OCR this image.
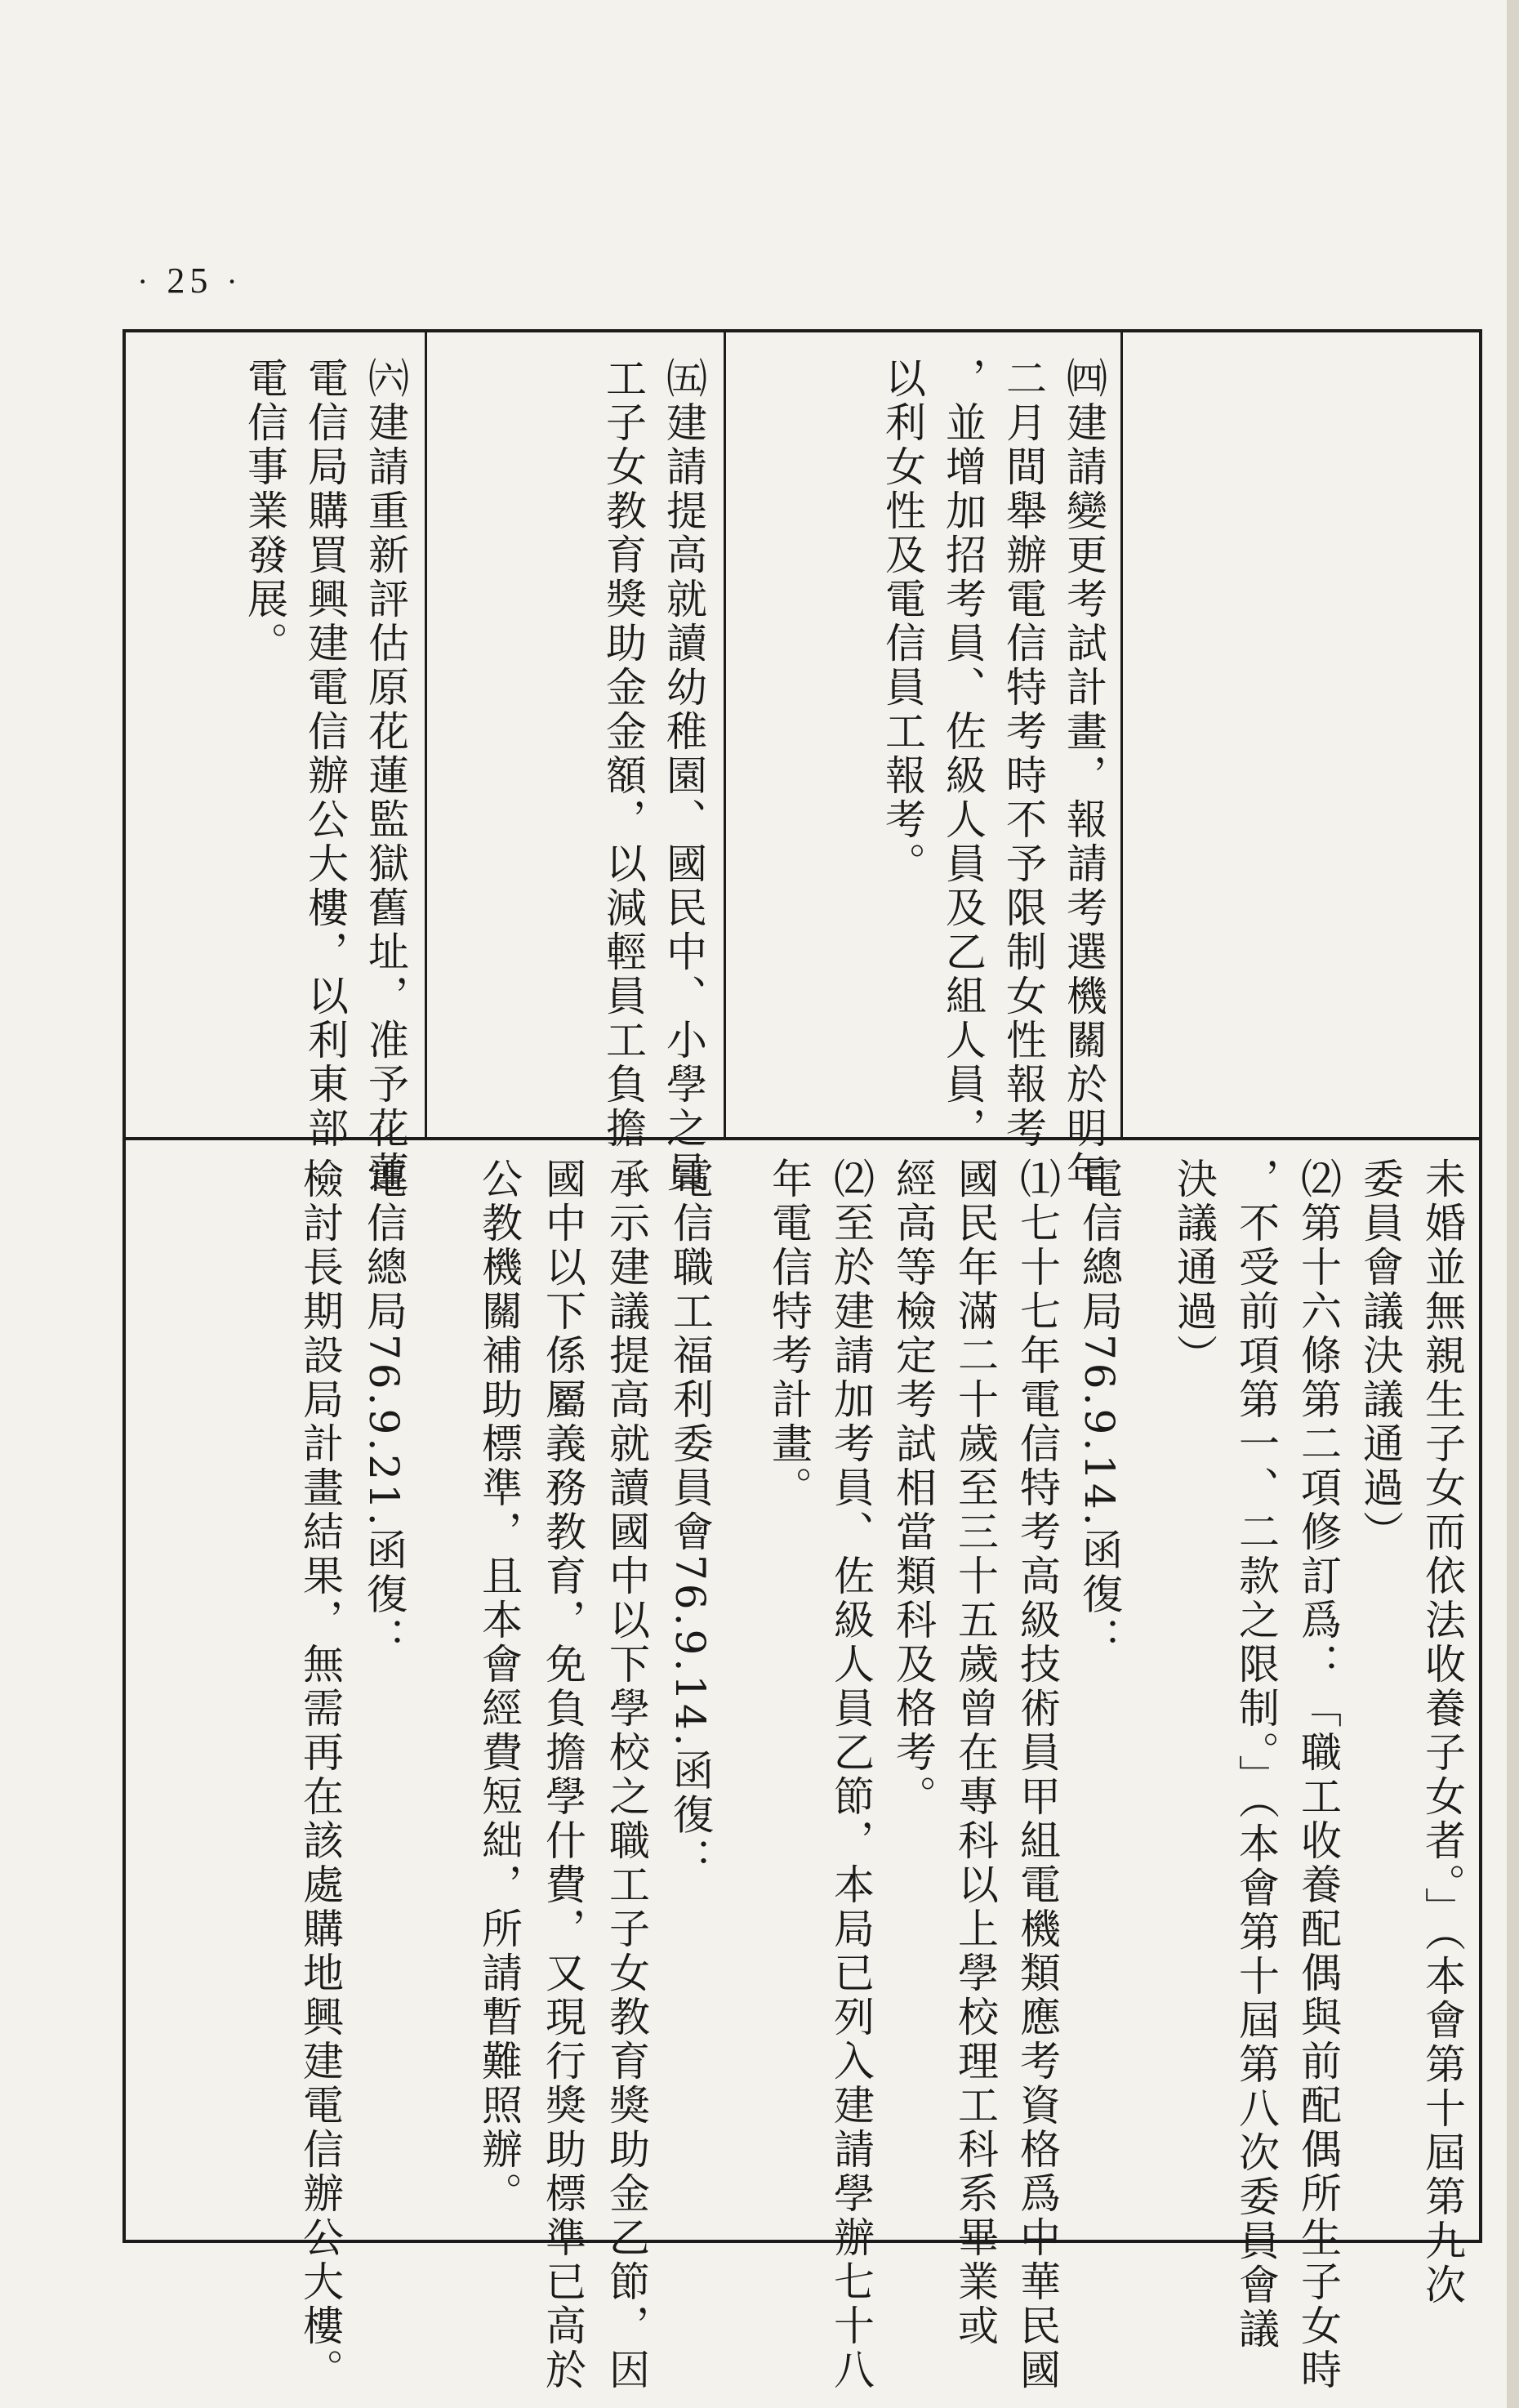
· 25 ·
㈣建請變更考試計畫，報請考選機關於明年
二月間舉辦電信特考時不予限制女性報考
，並增加招考員、佐級人員及乙組人員，
以利女性及電信員工報考。
㈤建請提高就讀幼稚園、國民中、小學之員
工子女教育獎助金金額，以減輕員工負擔
㈥建請重新評估原花蓮監獄舊址，准予花蓮
電信局購買興建電信辦公大樓，以利東部
電信事業發展。
未婚並無親生子女而依法收養子女者。」（本會第十屆第九次
委員會議決議通過）
⑵第十六條第二項修訂爲：「職工收養配偶與前配偶所生子女時
，不受前項第一、二款之限制。」（本會第十屆第八次委員會議
決議通過）
電信總局76.9.14.函復：
⑴七十七年電信特考高級技術員甲組電機類應考資格爲中華民國
國民年滿二十歲至三十五歲曾在專科以上學校理工科系畢業或
經高等檢定考試相當類科及格考。
⑵至於建請加考員、佐級人員乙節，本局已列入建請學辦七十八
年電信特考計畫。
電信職工福利委員會76.9.14.函復：
承示建議提高就讀國中以下學校之職工子女教育獎助金乙節，因
國中以下係屬義務教育，免負擔學什費，又現行獎助標準已高於
公教機關補助標準，且本會經費短絀，所請暫難照辦。
電信總局76.9.21.函復：
檢討長期設局計畫結果，無需再在該處購地興建電信辦公大樓。
